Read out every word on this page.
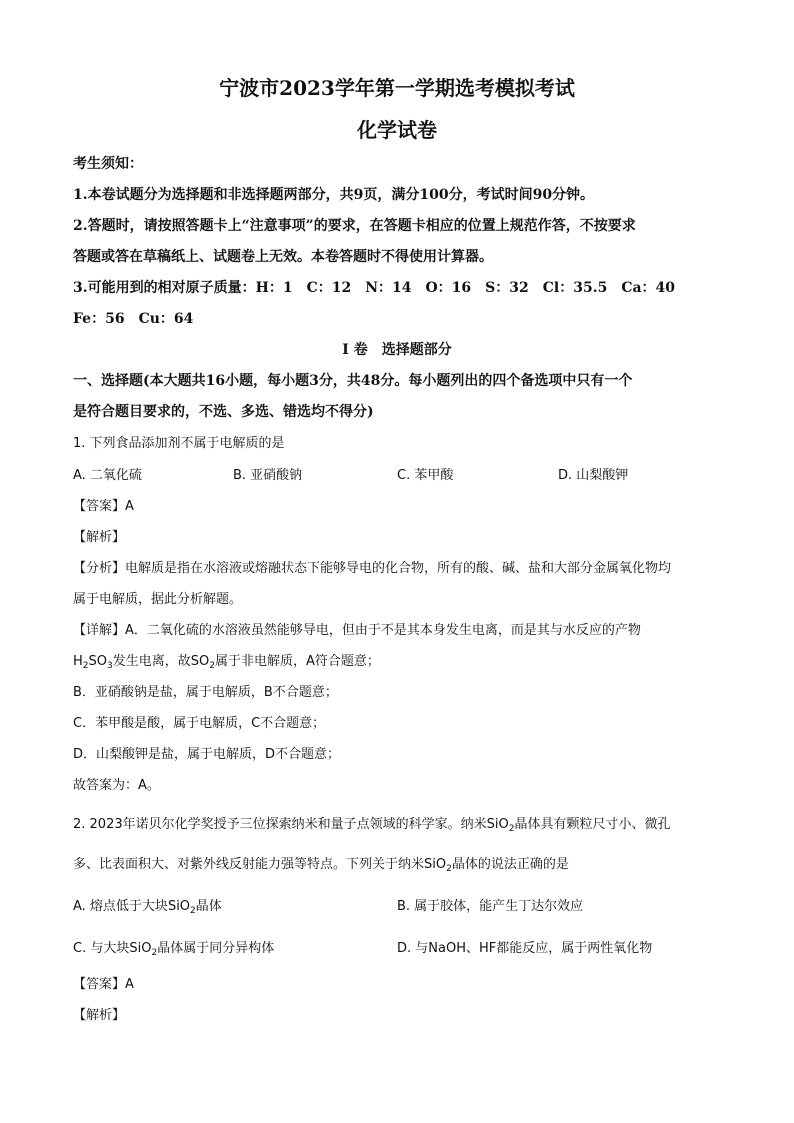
宁波市2023学年第一学期选考模拟考试
化学试卷
考生须知：
1.本卷试题分为选择题和非选择题两部分，共9页，满分100分，考试时间90分钟。
2.答题时，请按照答题卡上“注意事项”的要求，在答题卡相应的位置上规范作答，不按要求
答题或答在草稿纸上、试题卷上无效。本卷答题时不得使用计算器。
3.可能用到的相对原子质量：H：1　C：12　N：14　O：16　S：32　Cl：35.5　Ca：40
Fe：56　Cu：64
I 卷　选择题部分
一、选择题(本大题共16小题，每小题3分，共48分。每小题列出的四个备选项中只有一个
是符合题目要求的，不选、多选、错选均不得分)
1. 下列食品添加剂不属于电解质的是
A. 二氧化硫	B. 亚硝酸钠	C. 苯甲酸	D. 山梨酸钾
【答案】A
【解析】
【分析】电解质是指在水溶液或熔融状态下能够导电的化合物，所有的酸、碱、盐和大部分金属氧化物均
属于电解质，据此分析解题。
【详解】A．二氧化硫的水溶液虽然能够导电，但由于不是其本身发生电离，而是其与水反应的产物
$H_2SO_3$发生电离，故$SO_2$属于非电解质，A符合题意；
B．亚硝酸钠是盐，属于电解质，B不合题意；
C．苯甲酸是酸，属于电解质，C不合题意；
D．山梨酸钾是盐，属于电解质，D不合题意；
故答案为：A。
2. 2023年诺贝尔化学奖授予三位探索纳米和量子点领域的科学家。纳米SiO$_2$晶体具有颗粒尺寸小、微孔
多、比表面积大、对紫外线反射能力强等特点。下列关于纳米SiO$_2$晶体的说法正确的是
A. 熔点低于大块SiO$_2$晶体	B. 属于胶体，能产生丁达尔效应
C. 与大块SiO$_2$晶体属于同分异构体	D. 与NaOH、HF都能反应，属于两性氧化物
【答案】A
【解析】
